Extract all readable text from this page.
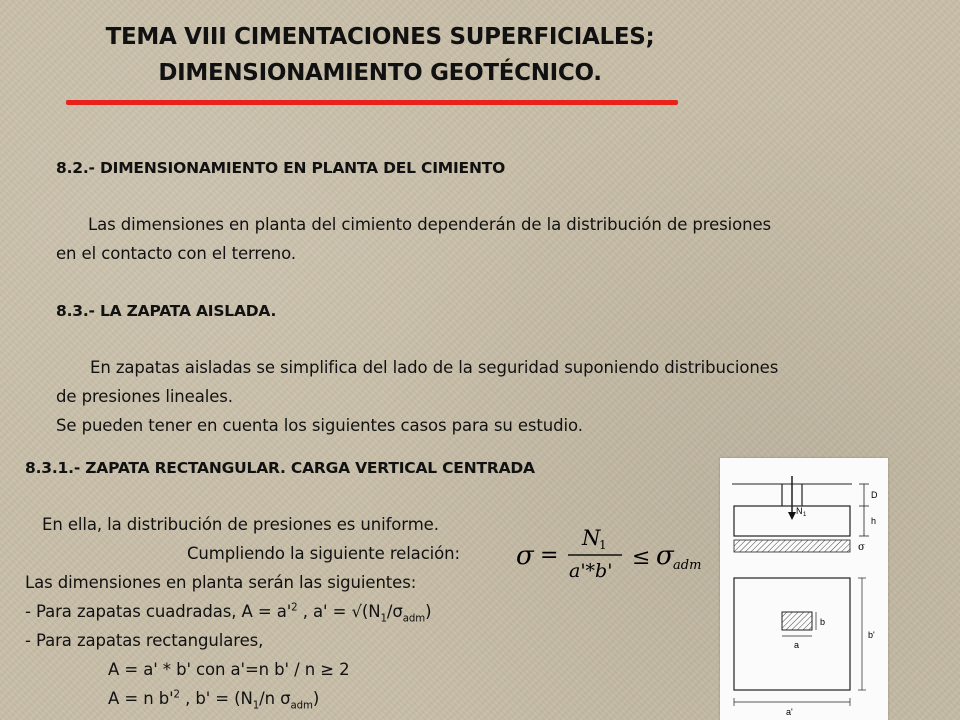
TEMA VIII CIMENTACIONES SUPERFICIALES;
DIMENSIONAMIENTO GEOTÉCNICO.
8.2.- DIMENSIONAMIENTO EN PLANTA DEL CIMIENTO
Las dimensiones en planta del cimiento dependerán de la distribución de presiones
en el contacto con el terreno.
8.3.- LA ZAPATA AISLADA.
En zapatas aisladas se simplifica del lado de la seguridad suponiendo distribuciones
de presiones lineales.
Se pueden tener en cuenta los siguientes casos para su estudio.
8.3.1.- ZAPATA RECTANGULAR. CARGA VERTICAL CENTRADA
En ella, la distribución de presiones es uniforme.
Cumpliendo la siguiente relación:
Las dimensiones en planta serán las siguientes:
- Para zapatas cuadradas, $A = a'^2$ , $a' = √(N_1/\sigma_{adm})$
- Para zapatas rectangulares,
A = a' * b' con a'=n b' / n ≥ 2
A = n $b'^2$ , $b' = (N_1/n$ $\sigma_{adm}$)
σ =
N
1
a'*b'
≤ σ adm
N 1
D
h
σ
b
a
b'
a'
